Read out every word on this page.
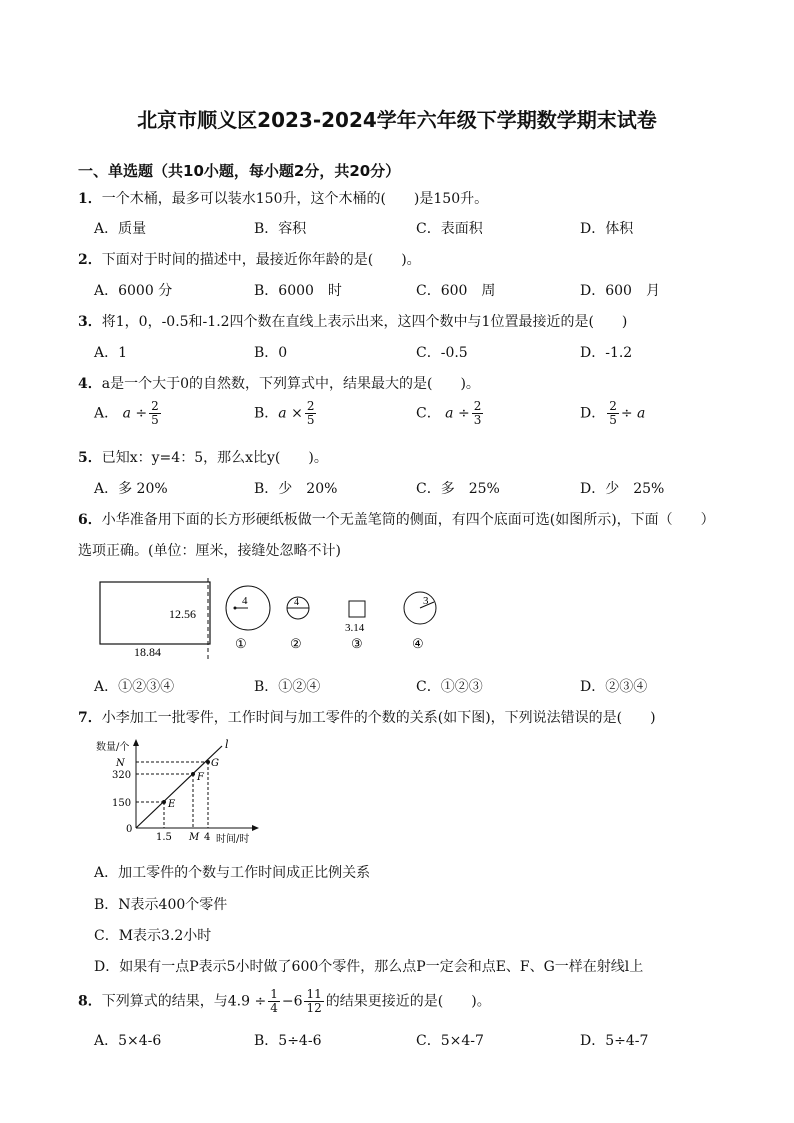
北京市顺义区2023-2024学年六年级下学期数学期末试卷
一、单选题（共10小题，每小题2分，共20分）
1．一个木桶，最多可以装水150升，这个木桶的(　　)是150升。
A．质量	B．容积	C．表面积	D．体积
2．下面对于时间的描述中，最接近你年龄的是(　　)。
A．6000 分	B．6000　时	C．600　周	D．600　月
3．将1，0，-0.5和-1.2四个数在直线上表示出来，这四个数中与1位置最接近的是(　　)
A．1	B．0	C．-0.5	D．-1.2
4．a是一个大于0的自然数，下列算式中，结果最大的是(　　)。
A． $a \div \frac{2}{5}$	B．$a \times \frac{2}{5}$	C． $a \div \frac{2}{3}$	D． $\frac{2}{5} \div a$
5．已知x：y=4：5，那么x比y(　　)。
A．多 20%	B．少　20%	C．多　25%	D．少　25%
6．小华准备用下面的长方形硬纸板做一个无盖笔筒的侧面，有四个底面可选(如图所示)，下面（　　）
选项正确。(单位：厘米，接缝处忽略不计)
12.56
18.84
4
①
4
②
3.14
③
3
④
A．①②③④	B．①②④	C．①②③	D．②③④
7．小李加工一批零件，工作时间与加工零件的个数的关系(如下图)，下列说法错误的是(　　)
数量/个
时间/时
l
E
F
G
N
320
150
0
1.5 M 4
A．加工零件的个数与工作时间成正比例关系
B．N表示400个零件
C．M表示3.2小时
D．如果有一点P表示5小时做了600个零件，那么点P一定会和点E、F、G一样在射线l上
8．下列算式的结果，与$4.9 \div \frac{1}{4} -6 \frac{11}{12}$ 的结果更接近的是(　　)。
A．5×4-6	B．5÷4-6	C．5×4-7	D．5÷4-7
